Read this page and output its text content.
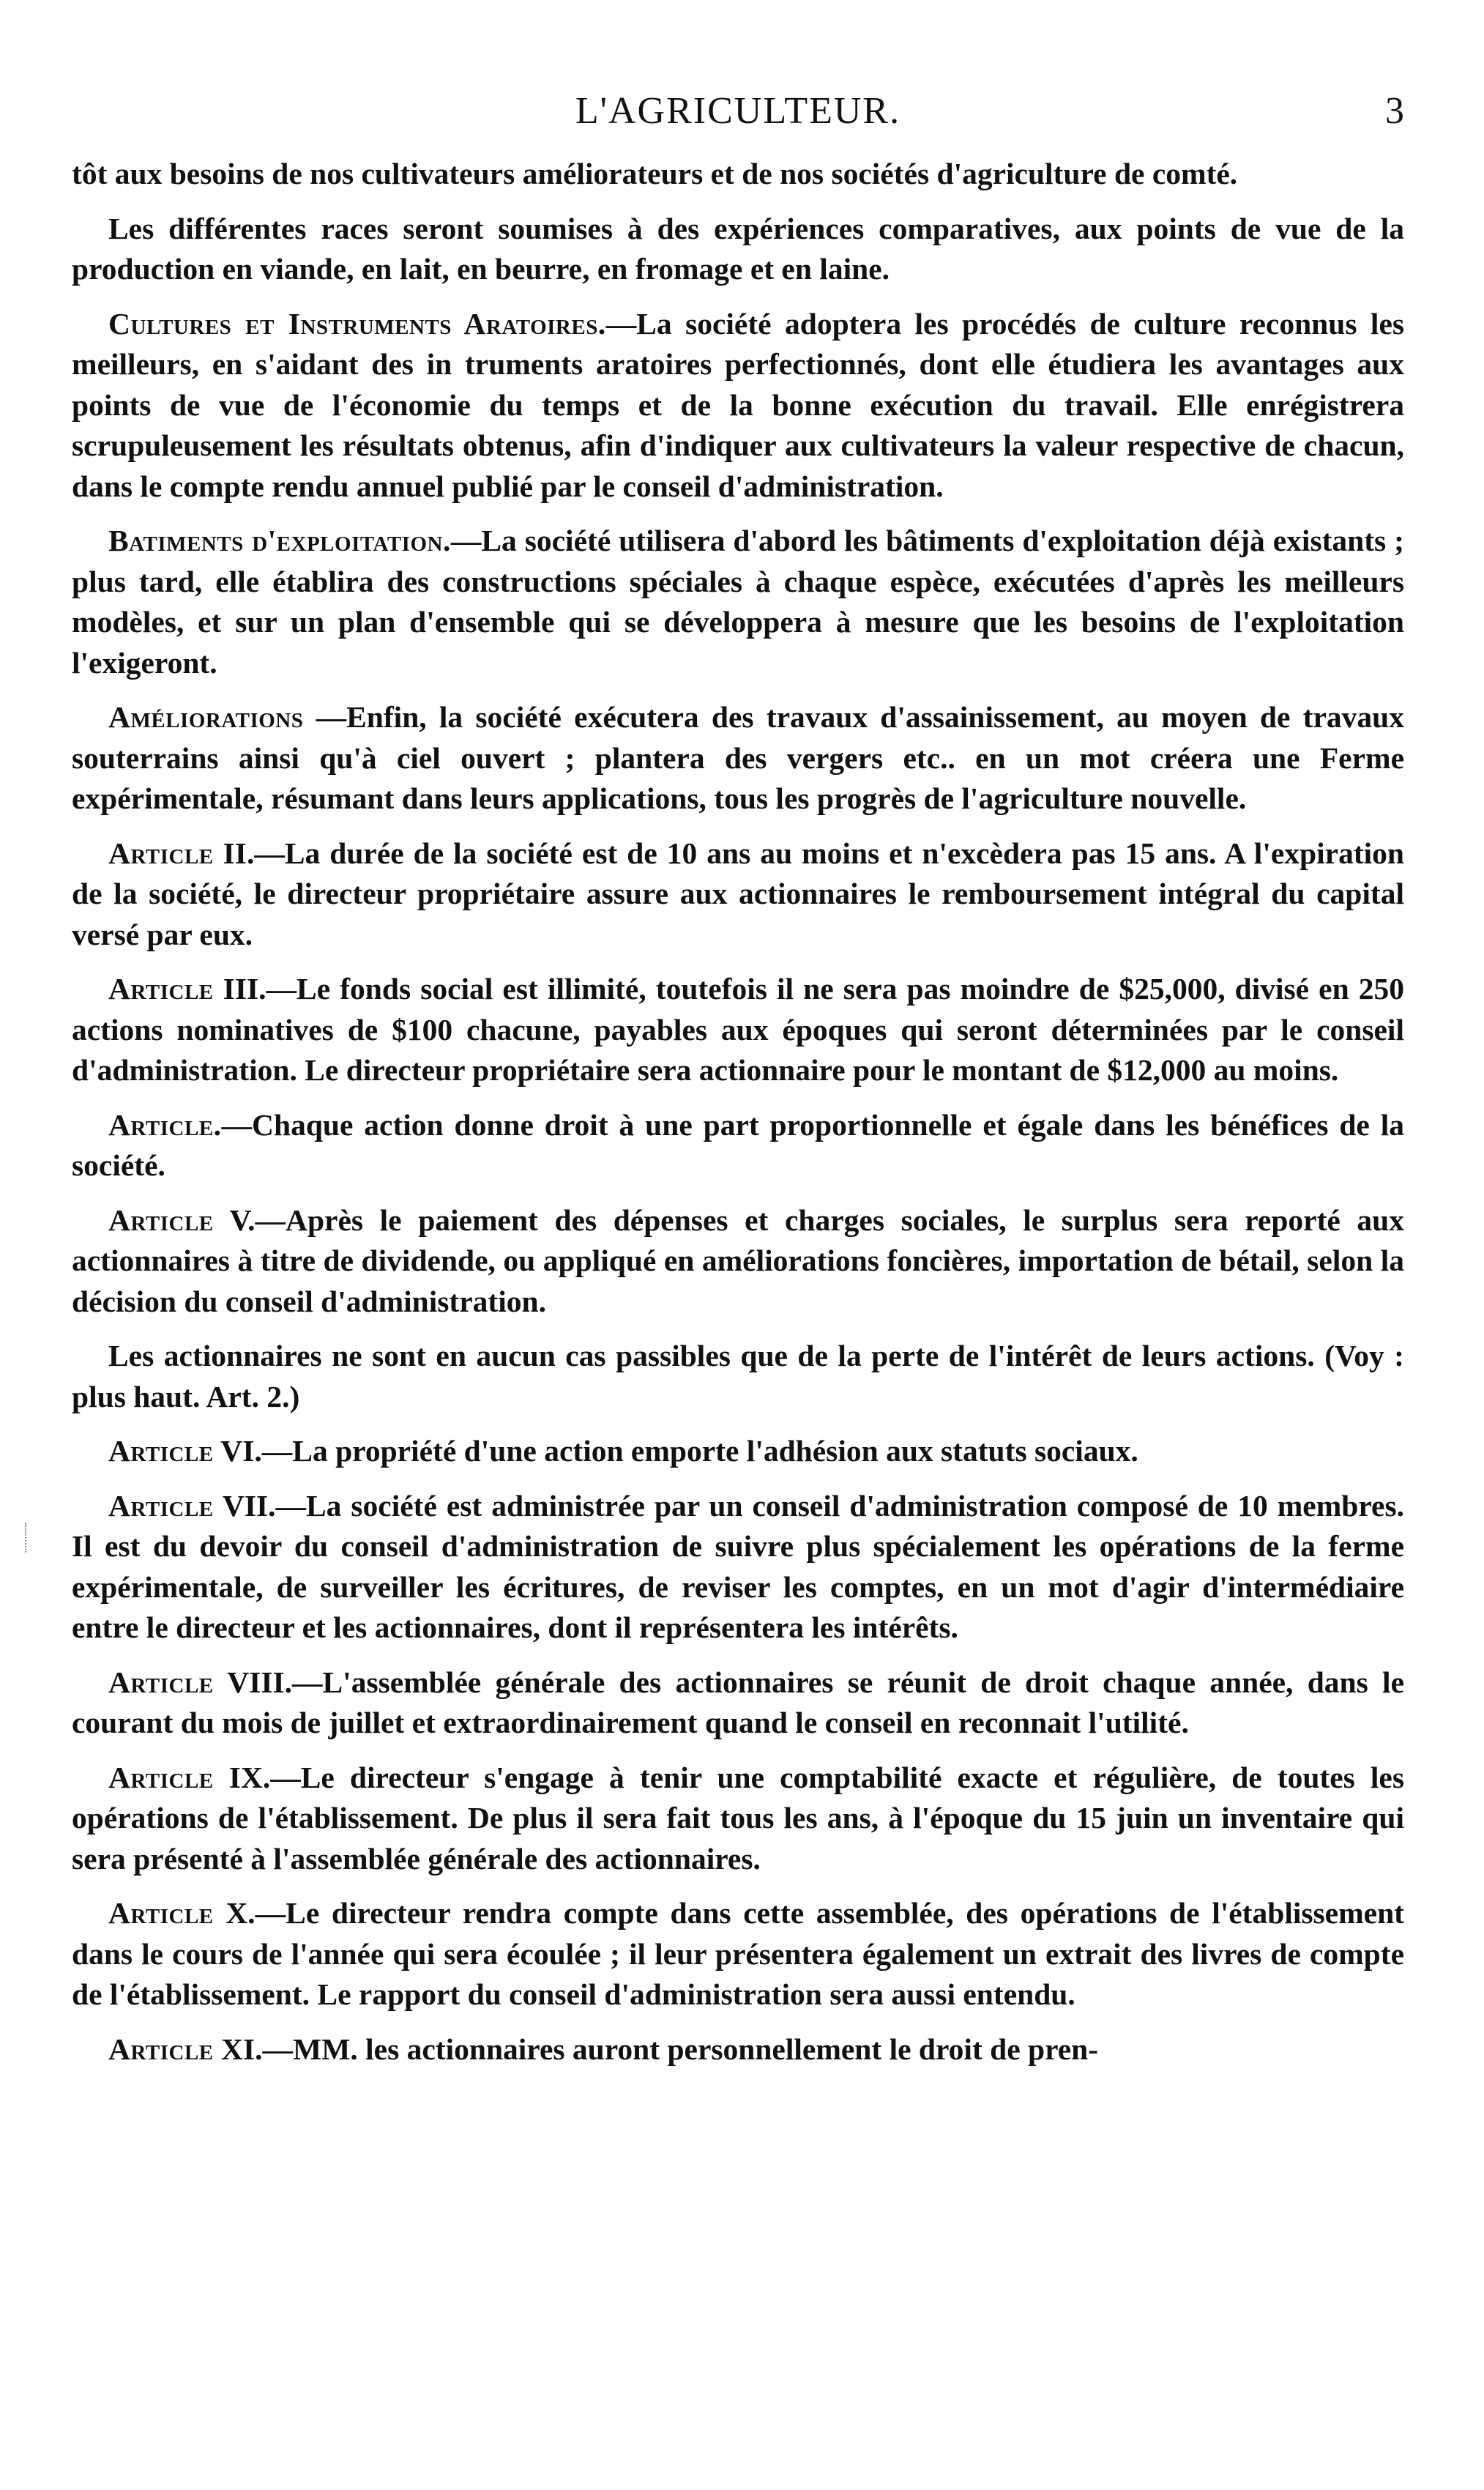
L'AGRICULTEUR.	3

tôt aux besoins de nos cultivateurs améliorateurs et de nos sociétés d'agriculture de comté.

Les différentes races seront soumises à des expériences comparatives, aux points de vue de la production en viande, en lait, en beurre, en fromage et en laine.

Cultures et Instruments Aratoires.—La société adoptera les procédés de culture reconnus les meilleurs, en s'aidant des in truments aratoires perfectionnés, dont elle étudiera les avantages aux points de vue de l'économie du temps et de la bonne exécution du travail. Elle enrégistrera scrupuleusement les résultats obtenus, afin d'indiquer aux cultivateurs la valeur respective de chacun, dans le compte rendu annuel publié par le conseil d'administration.

Batiments d'exploitation.—La société utilisera d'abord les bâtiments d'exploitation déjà existants ; plus tard, elle établira des constructions spéciales à chaque espèce, exécutées d'après les meilleurs modèles, et sur un plan d'ensemble qui se développera à mesure que les besoins de l'exploitation l'exigeront.

Améliorations —Enfin, la société exécutera des travaux d'assainissement, au moyen de travaux souterrains ainsi qu'à ciel ouvert ; plantera des vergers etc.. en un mot créera une Ferme expérimentale, résumant dans leurs applications, tous les progrès de l'agriculture nouvelle.

Article II.—La durée de la société est de 10 ans au moins et n'excèdera pas 15 ans. A l'expiration de la société, le directeur propriétaire assure aux actionnaires le remboursement intégral du capital versé par eux.

Article III.—Le fonds social est illimité, toutefois il ne sera pas moindre de $25,000, divisé en 250 actions nominatives de $100 chacune, payables aux époques qui seront déterminées par le conseil d'administration. Le directeur propriétaire sera actionnaire pour le montant de $12,000 au moins.

Article.—Chaque action donne droit à une part proportionnelle et égale dans les bénéfices de la société.

Article V.—Après le paiement des dépenses et charges sociales, le surplus sera reporté aux actionnaires à titre de dividende, ou appliqué en améliorations foncières, importation de bétail, selon la décision du conseil d'administration.

Les actionnaires ne sont en aucun cas passibles que de la perte de l'intérêt de leurs actions. (Voy : plus haut. Art. 2.)

Article VI.—La propriété d'une action emporte l'adhésion aux statuts sociaux.

Article VII.—La société est administrée par un conseil d'administration composé de 10 membres. Il est du devoir du conseil d'administration de suivre plus spécialement les opérations de la ferme expérimentale, de surveiller les écritures, de reviser les comptes, en un mot d'agir d'intermédiaire entre le directeur et les actionnaires, dont il représentera les intérêts.

Article VIII.—L'assemblée générale des actionnaires se réunit de droit chaque année, dans le courant du mois de juillet et extraordinairement quand le conseil en reconnait l'utilité.

Article IX.—Le directeur s'engage à tenir une comptabilité exacte et régulière, de toutes les opérations de l'établissement. De plus il sera fait tous les ans, à l'époque du 15 juin un inventaire qui sera présenté à l'assemblée générale des actionnaires.

Article X.—Le directeur rendra compte dans cette assemblée, des opérations de l'établissement dans le cours de l'année qui sera écoulée ; il leur présentera également un extrait des livres de compte de l'établissement. Le rapport du conseil d'administration sera aussi entendu.

Article XI.—MM. les actionnaires auront personnellement le droit de pren-
